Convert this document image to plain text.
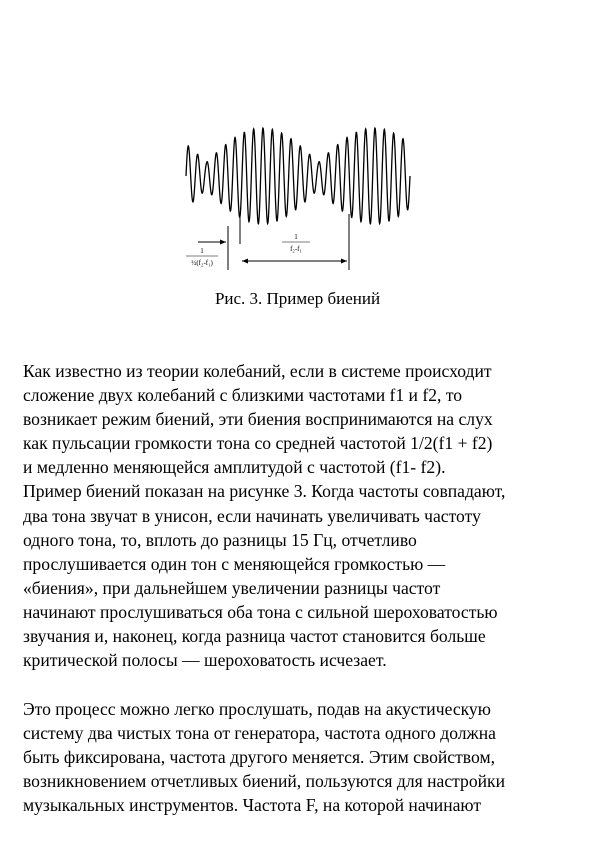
1
½(f₂-f₁)
1
f₂-f₁
Рис. 3. Пример биений
Как известно из теории колебаний, если в системе происходит
сложение двух колебаний с близкими частотами f1 и f2, то
возникает режим биений, эти биения воспринимаются на слух
как пульсации громкости тона со средней частотой 1/2(f1 + f2)
и медленно меняющейся амплитудой с частотой (f1- f2).
Пример биений показан на рисунке 3. Когда частоты совпадают,
два тона звучат в унисон, если начинать увеличивать частоту
одного тона, то, вплоть до разницы 15 Гц, отчетливо
прослушивается один тон с меняющейся громкостью —
«биения», при дальнейшем увеличении разницы частот
начинают прослушиваться оба тона с сильной шероховатостью
звучания и, наконец, когда разница частот становится больше
критической полосы — шероховатость исчезает.
Это процесс можно легко прослушать, подав на акустическую
систему два чистых тона от генератора, частота одного должна
быть фиксирована, частота другого меняется. Этим свойством,
возникновением отчетливых биений, пользуются для настройки
музыкальных инструментов. Частота F, на которой начинают
